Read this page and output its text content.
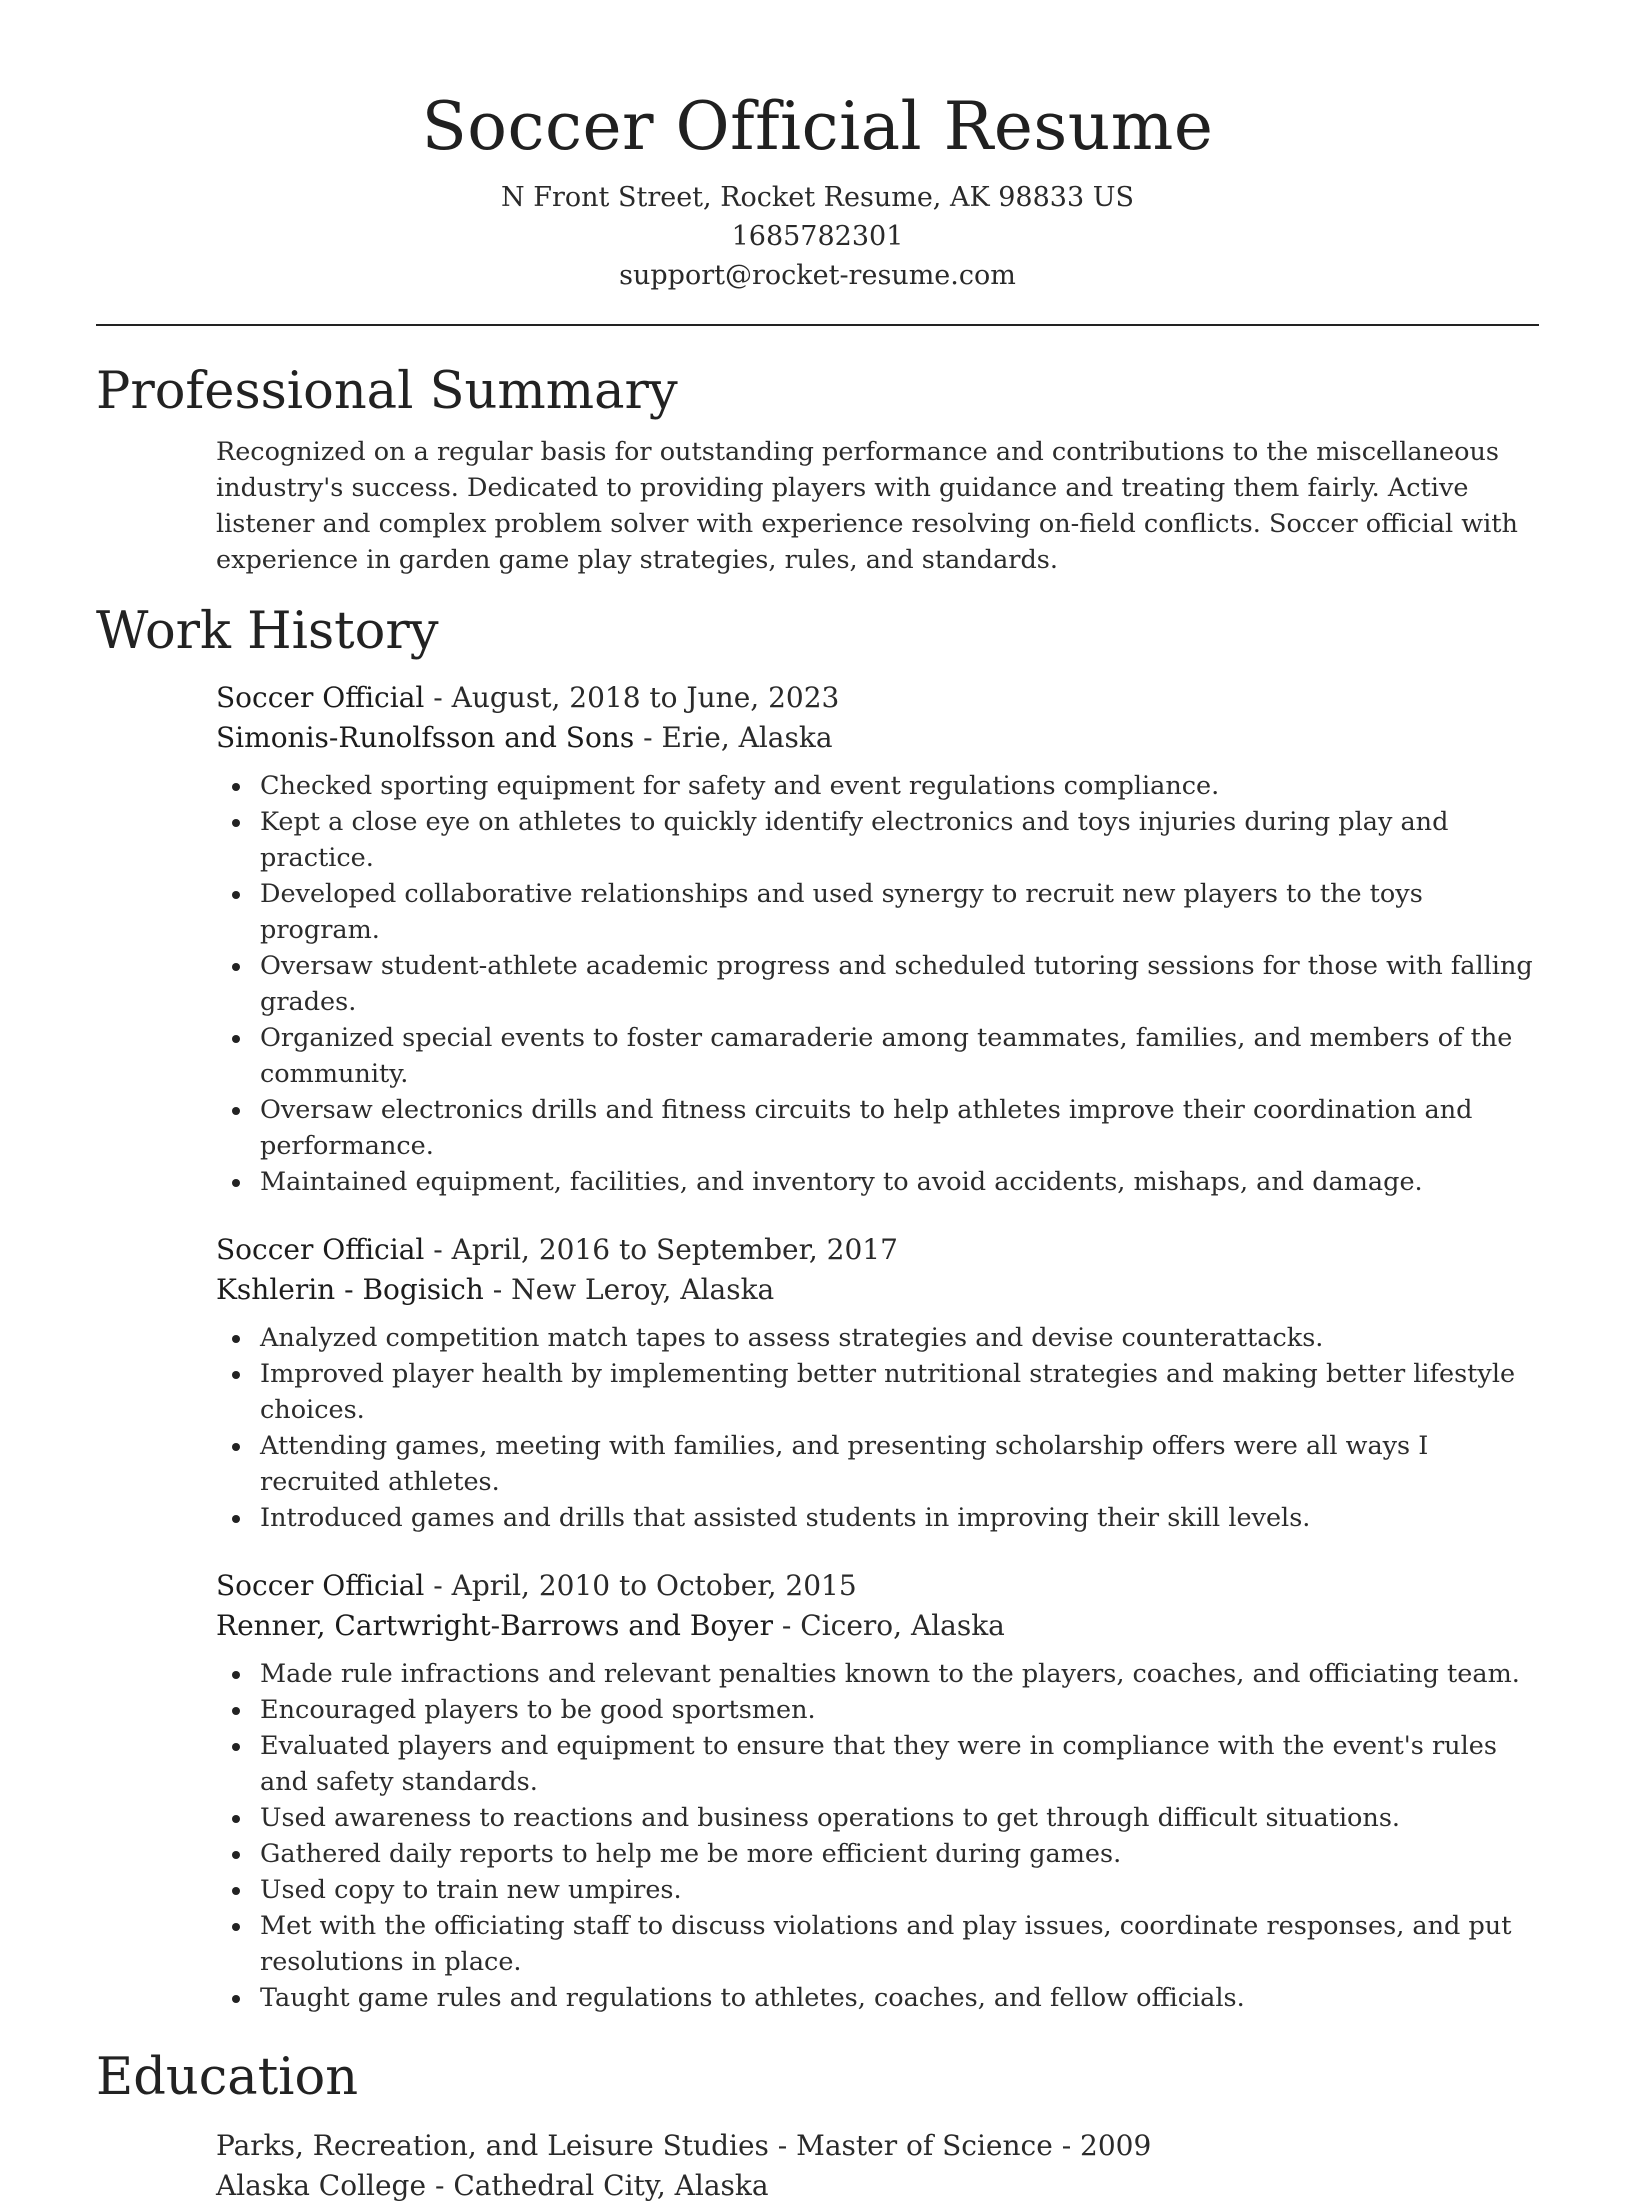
Soccer Official Resume
N Front Street, Rocket Resume, AK 98833 US
1685782301
support@rocket-resume.com
Professional Summary
Recognized on a regular basis for outstanding performance and contributions to the miscellaneous industry's success. Dedicated to providing players with guidance and treating them fairly. Active listener and complex problem solver with experience resolving on-field conflicts. Soccer official with experience in garden game play strategies, rules, and standards.
Work History
Soccer Official - August, 2018 to June, 2023
Simonis-Runolfsson and Sons - Erie, Alaska
Checked sporting equipment for safety and event regulations compliance.
Kept a close eye on athletes to quickly identify electronics and toys injuries during play and practice.
Developed collaborative relationships and used synergy to recruit new players to the toys program.
Oversaw student-athlete academic progress and scheduled tutoring sessions for those with falling grades.
Organized special events to foster camaraderie among teammates, families, and members of the community.
Oversaw electronics drills and fitness circuits to help athletes improve their coordination and performance.
Maintained equipment, facilities, and inventory to avoid accidents, mishaps, and damage.
Soccer Official - April, 2016 to September, 2017
Kshlerin - Bogisich - New Leroy, Alaska
Analyzed competition match tapes to assess strategies and devise counterattacks.
Improved player health by implementing better nutritional strategies and making better lifestyle choices.
Attending games, meeting with families, and presenting scholarship offers were all ways I recruited athletes.
Introduced games and drills that assisted students in improving their skill levels.
Soccer Official - April, 2010 to October, 2015
Renner, Cartwright-Barrows and Boyer - Cicero, Alaska
Made rule infractions and relevant penalties known to the players, coaches, and officiating team.
Encouraged players to be good sportsmen.
Evaluated players and equipment to ensure that they were in compliance with the event's rules and safety standards.
Used awareness to reactions and business operations to get through difficult situations.
Gathered daily reports to help me be more efficient during games.
Used copy to train new umpires.
Met with the officiating staff to discuss violations and play issues, coordinate responses, and put resolutions in place.
Taught game rules and regulations to athletes, coaches, and fellow officials.
Education
Parks, Recreation, and Leisure Studies - Master of Science - 2009
Alaska College - Cathedral City, Alaska
